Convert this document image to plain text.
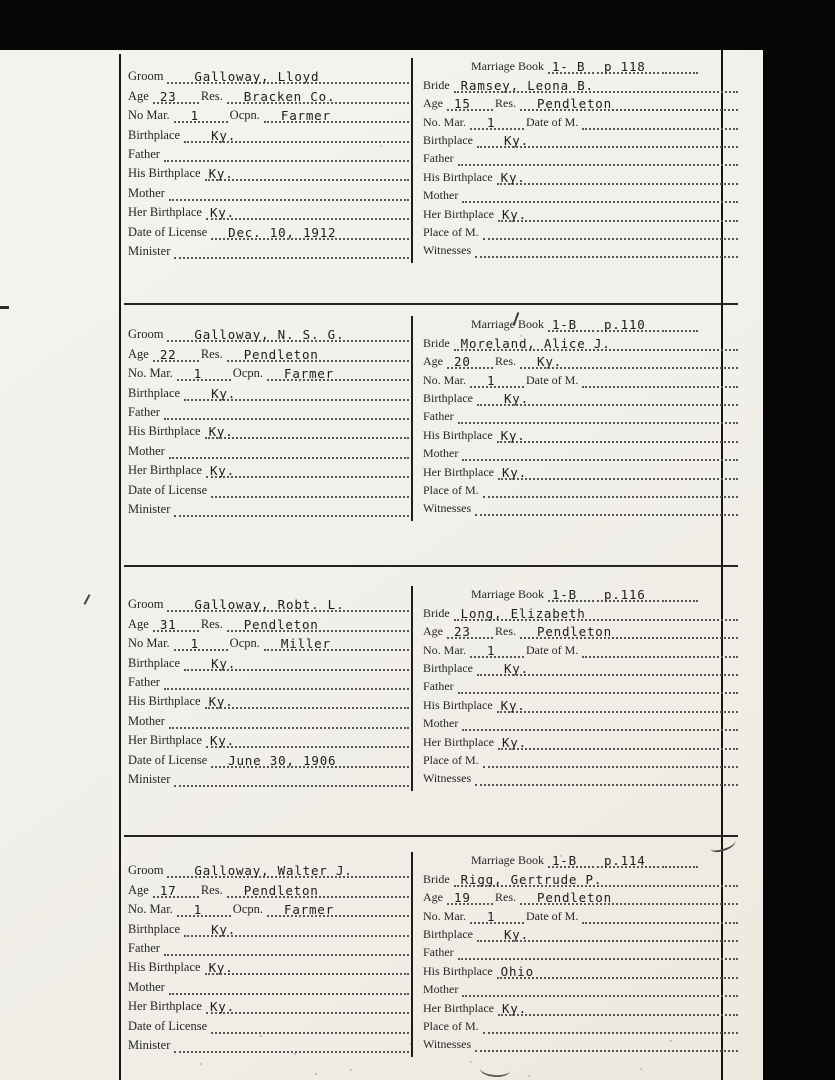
Groom Galloway, Lloyd
Age 23 Res. Bracken Co.
No Mar. 1 Ocpn. Farmer
Birthplace Ky.
Father
His Birthplace Ky.
Mother
Her Birthplace Ky.
Date of License Dec. 10, 1912
Minister
Marriage Book 1- B p 118
Bride Ramsey, Leona B.
Age 15 Res. Pendleton
No. Mar. 1	Date of M.
Birthplace Ky.
Father
His Birthplace Ky.
Mother
Her Birthplace Ky.
Place of M.
Witnesses
Groom Galloway, N. S. G.
Age 22 Res. Pendleton
No. Mar. 1 Ocpn. Farmer
Birthplace Ky.
Father
His Birthplace Ky.
Mother
Her Birthplace Ky.
Date of License
Minister
Marriage Book 1-B p.110
Bride Moreland, Alice J.
Age 20 Res. Ky.
No. Mar. 1	Date of M.
Birthplace Ky.
Father
His Birthplace Ky.
Mother
Her Birthplace Ky.
Place of M.
Witnesses
Groom Galloway, Robt. L.
Age 31 Res. Pendleton
No Mar. 1 Ocpn. Miller
Birthplace Ky.
Father
His Birthplace Ky.
Mother
Her Birthplace Ky.
Date of License June 30, 1906
Minister
Marriage Book 1-B p.116
Bride Long, Elizabeth
Age 23 Res. Pendleton
No. Mar. 1	Date of M.
Birthplace Ky.
Father
His Birthplace Ky.
Mother
Her Birthplace Ky.
Place of M.
Witnesses
Groom Galloway, Walter J.
Age 17 Res. Pendleton
No. Mar. 1 Ocpn. Farmer
Birthplace Ky.
Father
His Birthplace Ky.
Mother
Her Birthplace Ky.
Date of License
Minister
Marriage Book 1-B p.114
Bride Rigg, Gertrude P.
Age 19 Res. Pendleton
No. Mar. 1	Date of M.
Birthplace Ky.
Father
His Birthplace Ohio
Mother
Her Birthplace Ky.
Place of M.
Witnesses
